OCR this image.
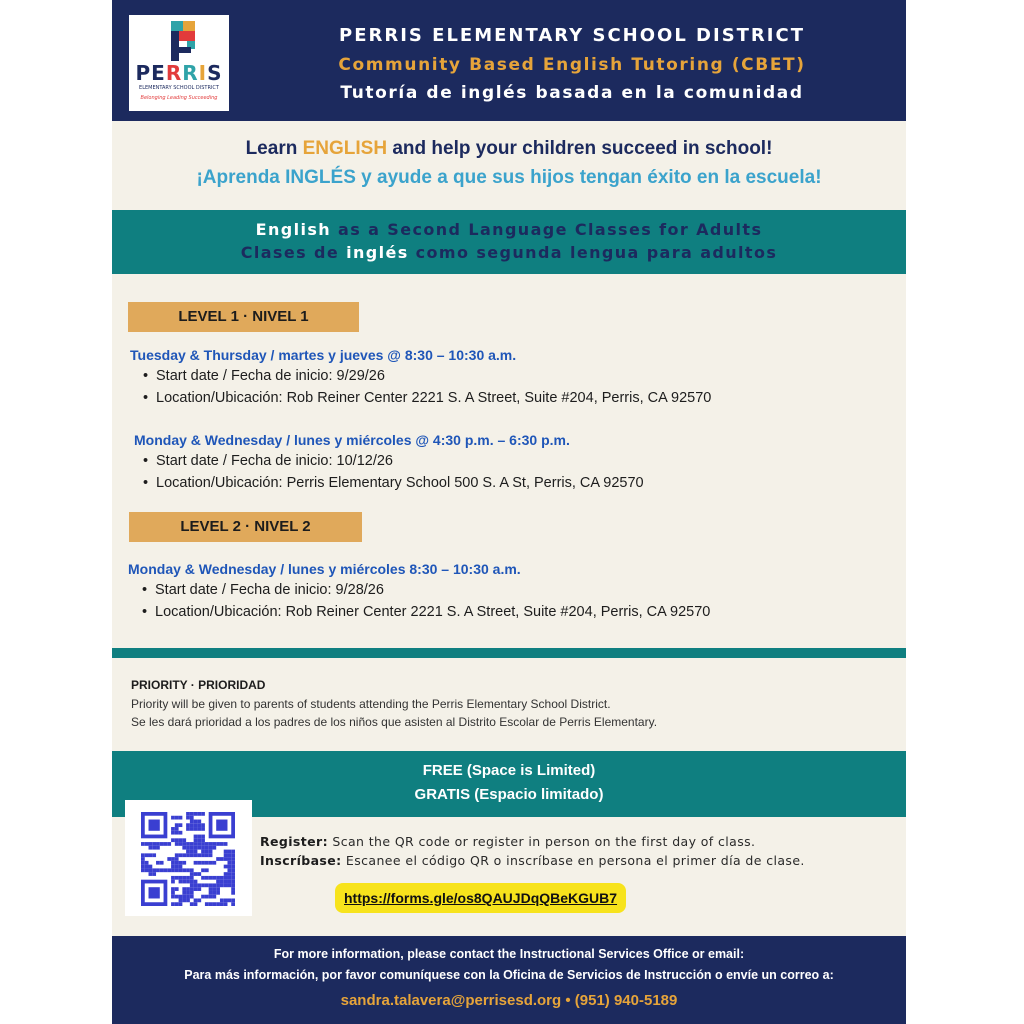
PERRIS
ELEMENTARY SCHOOL DISTRICT
Belonging Leading Succeeding
PERRIS ELEMENTARY SCHOOL DISTRICT
Community Based English Tutoring (CBET)
Tutoría de inglés basada en la comunidad
Learn ENGLISH and help your children succeed in school!
¡Aprenda INGLÉS y ayude a que sus hijos tengan éxito en la escuela!
English as a Second Language Classes for Adults
Clases de inglés como segunda lengua para adultos
LEVEL 1 · NIVEL 1
Tuesday & Thursday / martes y jueves @ 8:30 – 10:30 a.m.
• Start date / Fecha de inicio: 9/29/26
• Location/Ubicación: Rob Reiner Center 2221 S. A Street, Suite #204, Perris, CA 92570
Monday & Wednesday / lunes y miércoles @ 4:30 p.m. – 6:30 p.m.
• Start date / Fecha de inicio: 10/12/26
• Location/Ubicación: Perris Elementary School 500 S. A St, Perris, CA 92570
LEVEL 2 · NIVEL 2
Monday & Wednesday / lunes y miércoles 8:30 – 10:30 a.m.
• Start date / Fecha de inicio: 9/28/26
• Location/Ubicación: Rob Reiner Center 2221 S. A Street, Suite #204, Perris, CA 92570
PRIORITY · PRIORIDAD
Priority will be given to parents of students attending the Perris Elementary School District.
Se les dará prioridad a los padres de los niños que asisten al Distrito Escolar de Perris Elementary.
FREE (Space is Limited)
GRATIS (Espacio limitado)
Register: Scan the QR code or register in person on the first day of class.
Inscríbase: Escanee el código QR o inscríbase en persona el primer día de clase.
https://forms.gle/os8QAUJDqQBeKGUB7
For more information, please contact the Instructional Services Office or email:
Para más información, por favor comuníquese con la Oficina de Servicios de Instrucción o envíe un correo a:
sandra.talavera@perrisesd.org • (951) 940-5189
